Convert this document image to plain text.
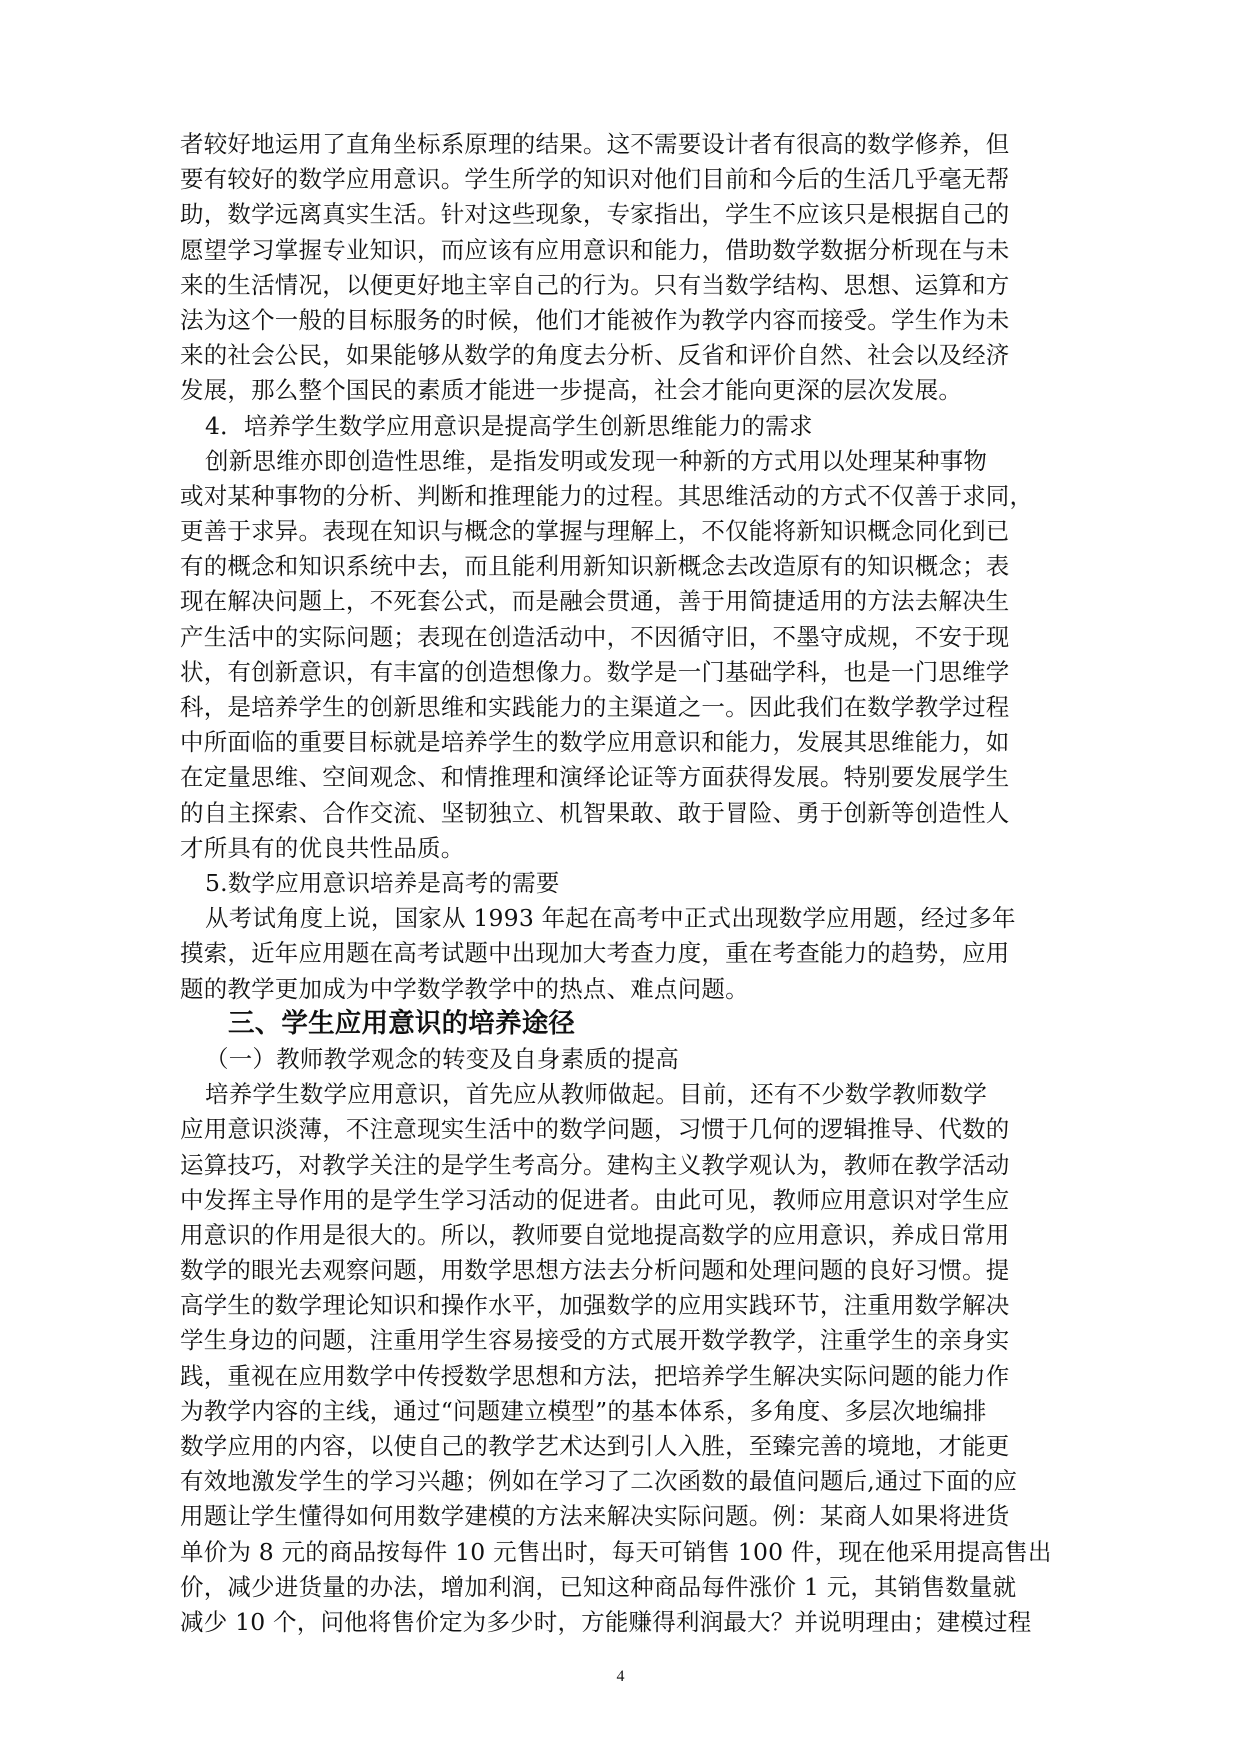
者较好地运用了直角坐标系原理的结果。这不需要设计者有很高的数学修养，但
要有较好的数学应用意识。学生所学的知识对他们目前和今后的生活几乎毫无帮
助，数学远离真实生活。针对这些现象，专家指出，学生不应该只是根据自己的
愿望学习掌握专业知识，而应该有应用意识和能力，借助数学数据分析现在与未
来的生活情况，以便更好地主宰自己的行为。只有当数学结构、思想、运算和方
法为这个一般的目标服务的时候，他们才能被作为教学内容而接受。学生作为未
来的社会公民，如果能够从数学的角度去分析、反省和评价自然、社会以及经济
发展，那么整个国民的素质才能进一步提高，社会才能向更深的层次发展。
4．培养学生数学应用意识是提高学生创新思维能力的需求
创新思维亦即创造性思维，是指发明或发现一种新的方式用以处理某种事物
或对某种事物的分析、判断和推理能力的过程。其思维活动的方式不仅善于求同，
更善于求异。表现在知识与概念的掌握与理解上，不仅能将新知识概念同化到已
有的概念和知识系统中去，而且能利用新知识新概念去改造原有的知识概念；表
现在解决问题上，不死套公式，而是融会贯通，善于用简捷适用的方法去解决生
产生活中的实际问题；表现在创造活动中，不因循守旧，不墨守成规，不安于现
状，有创新意识，有丰富的创造想像力。数学是一门基础学科，也是一门思维学
科，是培养学生的创新思维和实践能力的主渠道之一。因此我们在数学教学过程
中所面临的重要目标就是培养学生的数学应用意识和能力，发展其思维能力，如
在定量思维、空间观念、和情推理和演绎论证等方面获得发展。特别要发展学生
的自主探索、合作交流、坚韧独立、机智果敢、敢于冒险、勇于创新等创造性人
才所具有的优良共性品质。
5.数学应用意识培养是高考的需要
从考试角度上说，国家从 1993 年起在高考中正式出现数学应用题，经过多年
摸索，近年应用题在高考试题中出现加大考查力度，重在考查能力的趋势，应用
题的教学更加成为中学数学教学中的热点、难点问题。
三、学生应用意识的培养途径
（一）教师教学观念的转变及自身素质的提高
培养学生数学应用意识，首先应从教师做起。目前，还有不少数学教师数学
应用意识淡薄，不注意现实生活中的数学问题，习惯于几何的逻辑推导、代数的
运算技巧，对教学关注的是学生考高分。建构主义教学观认为，教师在教学活动
中发挥主导作用的是学生学习活动的促进者。由此可见，教师应用意识对学生应
用意识的作用是很大的。所以，教师要自觉地提高数学的应用意识，养成日常用
数学的眼光去观察问题，用数学思想方法去分析问题和处理问题的良好习惯。提
高学生的数学理论知识和操作水平，加强数学的应用实践环节，注重用数学解决
学生身边的问题，注重用学生容易接受的方式展开数学教学，注重学生的亲身实
践，重视在应用数学中传授数学思想和方法，把培养学生解决实际问题的能力作
为教学内容的主线，通过“问题建立模型”的基本体系，多角度、多层次地编排
数学应用的内容，以使自己的教学艺术达到引人入胜，至臻完善的境地，才能更
有效地激发学生的学习兴趣；例如在学习了二次函数的最值问题后,通过下面的应
用题让学生懂得如何用数学建模的方法来解决实际问题。例：某商人如果将进货
单价为 8 元的商品按每件 10 元售出时，每天可销售 100 件，现在他采用提高售出
价，减少进货量的办法，增加利润，已知这种商品每件涨价 1 元，其销售数量就
减少 10 个，问他将售价定为多少时，方能赚得利润最大？并说明理由；建模过程
4
